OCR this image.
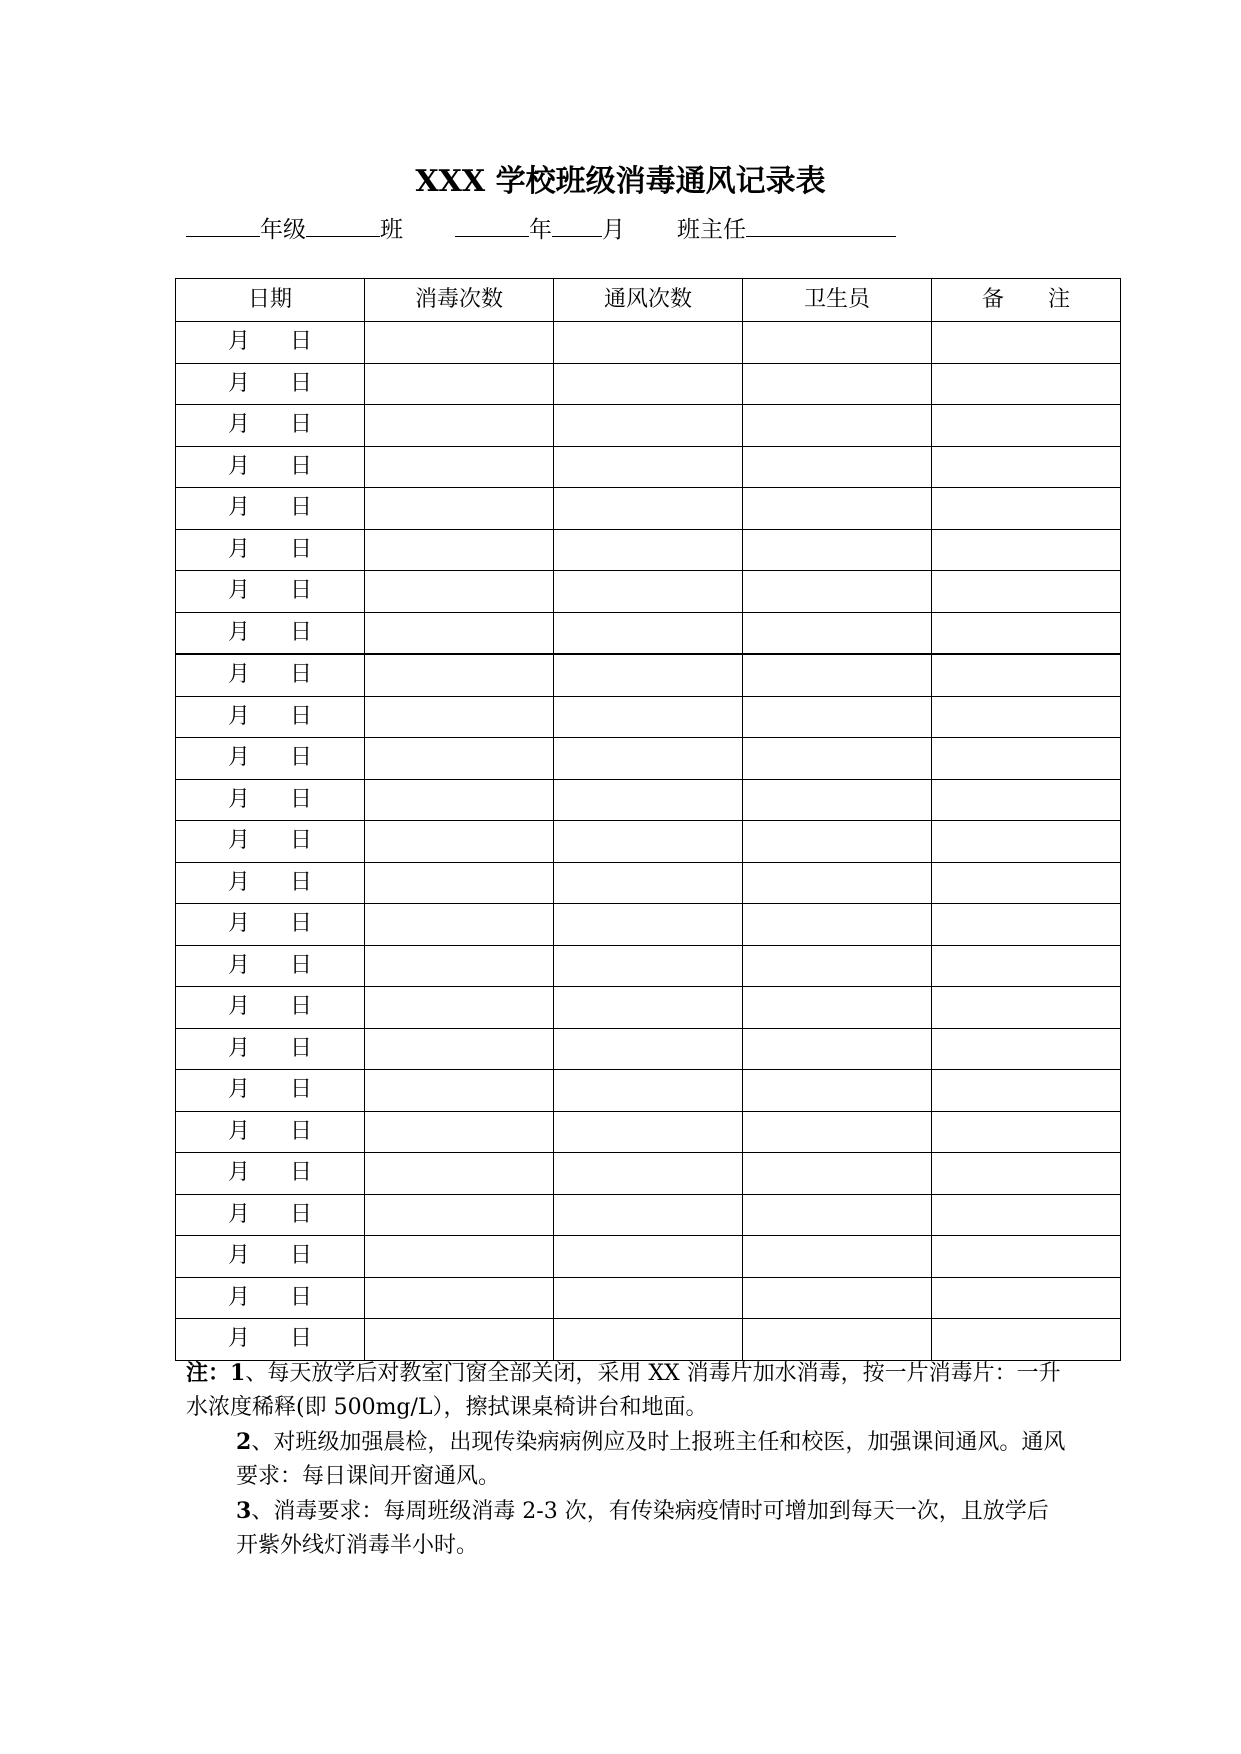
XXX 学校班级消毒通风记录表
年级	班	年 月 班主任
日期	消毒次数	通风次数	卫生员	备　　注

月 日				

月 日				

月 日				

月 日				

月 日				

月 日				

月 日				

月 日				

月 日				

月 日				

月 日				

月 日				

月 日				

月 日				

月 日				

月 日				

月 日				

月 日				

月 日				

月 日				

月 日				

月 日				

月 日				

月 日				

月 日				

注：1、每天放学后对教室门窗全部关闭，采用 XX 消毒片加水消毒，按一片消毒片：一升水浓度稀释(即 500mg/L），擦拭课桌椅讲台和地面。

2、对班级加强晨检，出现传染病病例应及时上报班主任和校医，加强课间通风。通风要求：每日课间开窗通风。

3、消毒要求：每周班级消毒 2-3 次，有传染病疫情时可增加到每天一次，且放学后开紫外线灯消毒半小时。
